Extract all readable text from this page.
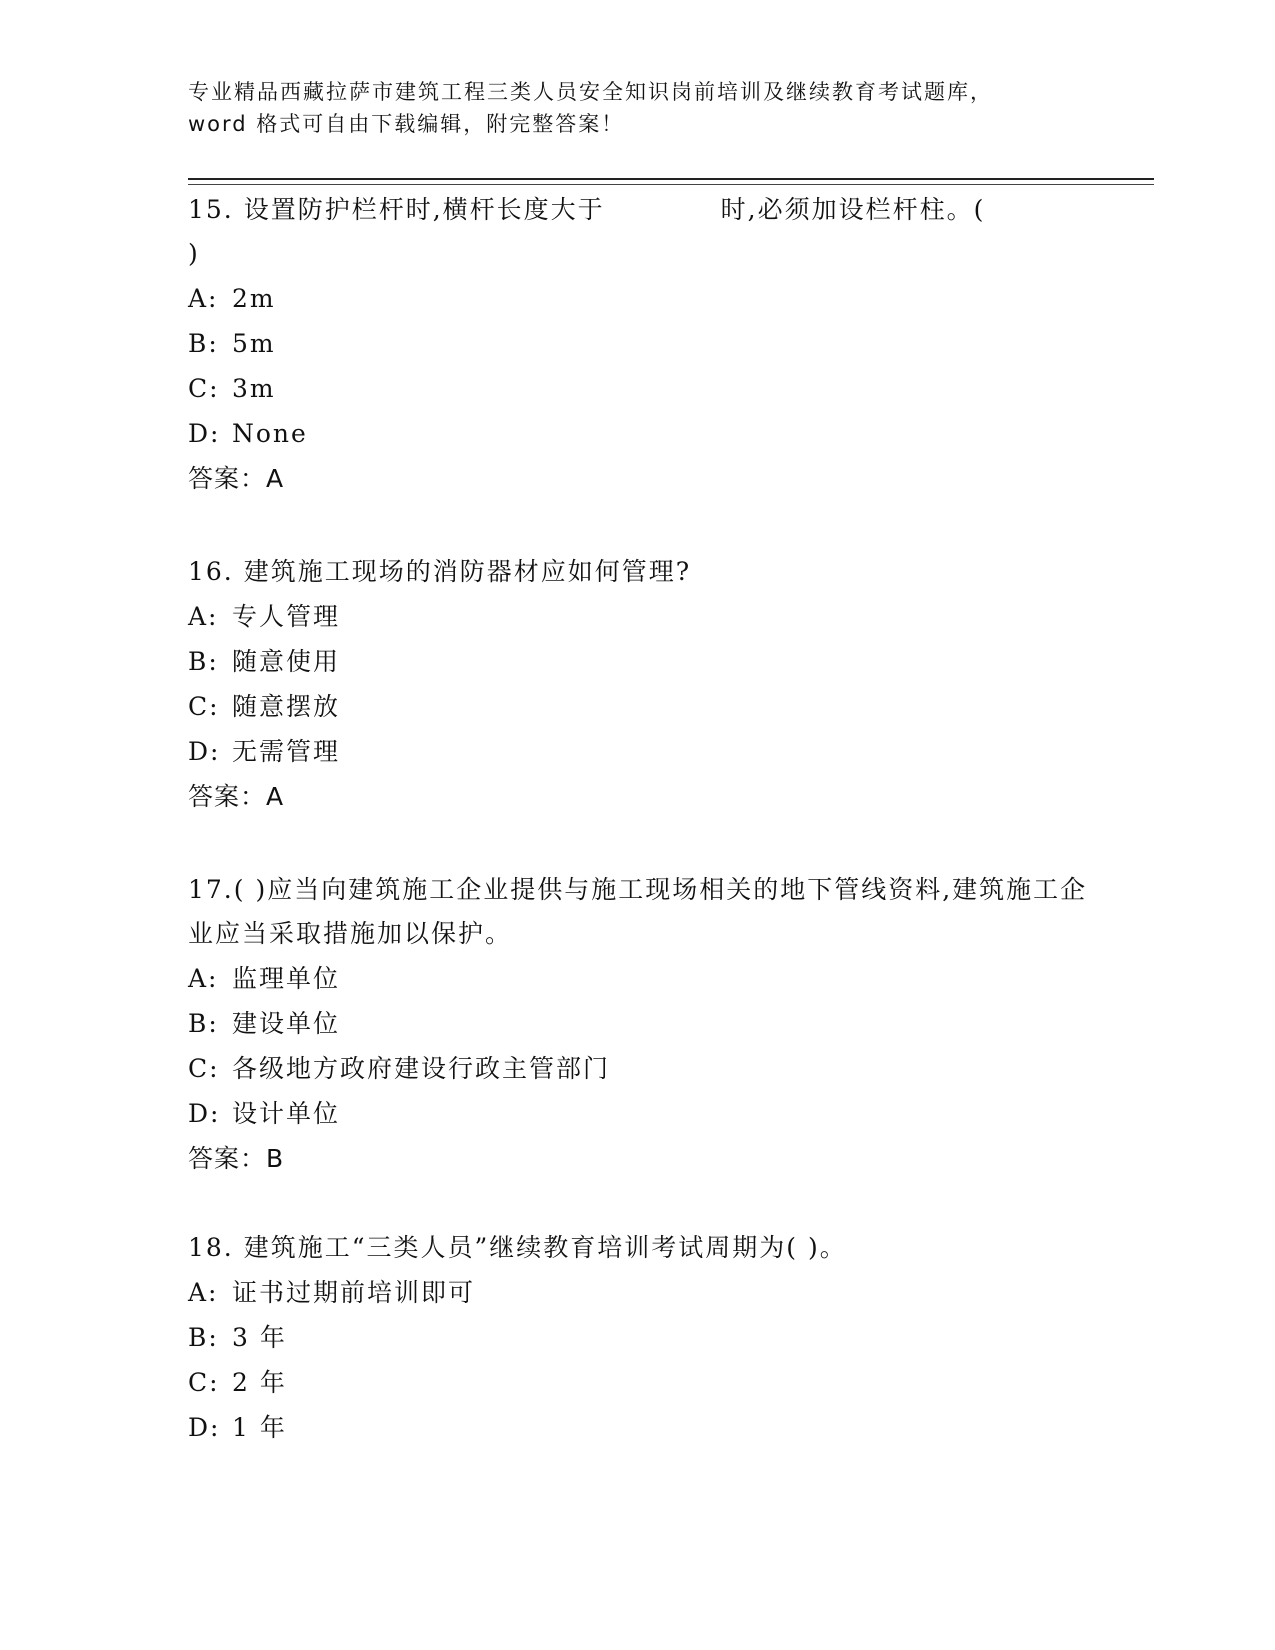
专业精品西藏拉萨市建筑工程三类人员安全知识岗前培训及继续教育考试题库，
word 格式可自由下载编辑，附完整答案！

15. 设置防护栏杆时,横杆长度大于	时,必须加设栏杆柱。(
)

A: 2m
B: 5m
C: 3m
D: None
答案：A

16. 建筑施工现场的消防器材应如何管理?

A: 专人管理
B: 随意使用
C: 随意摆放
D: 无需管理
答案：A

17.( )应当向建筑施工企业提供与施工现场相关的地下管线资料,建筑施工企业应当采取措施加以保护。

A: 监理单位
B: 建设单位
C: 各级地方政府建设行政主管部门
D: 设计单位
答案：B

18. 建筑施工“三类人员”继续教育培训考试周期为( )。

A: 证书过期前培训即可
B: 3 年
C: 2 年
D: 1 年
